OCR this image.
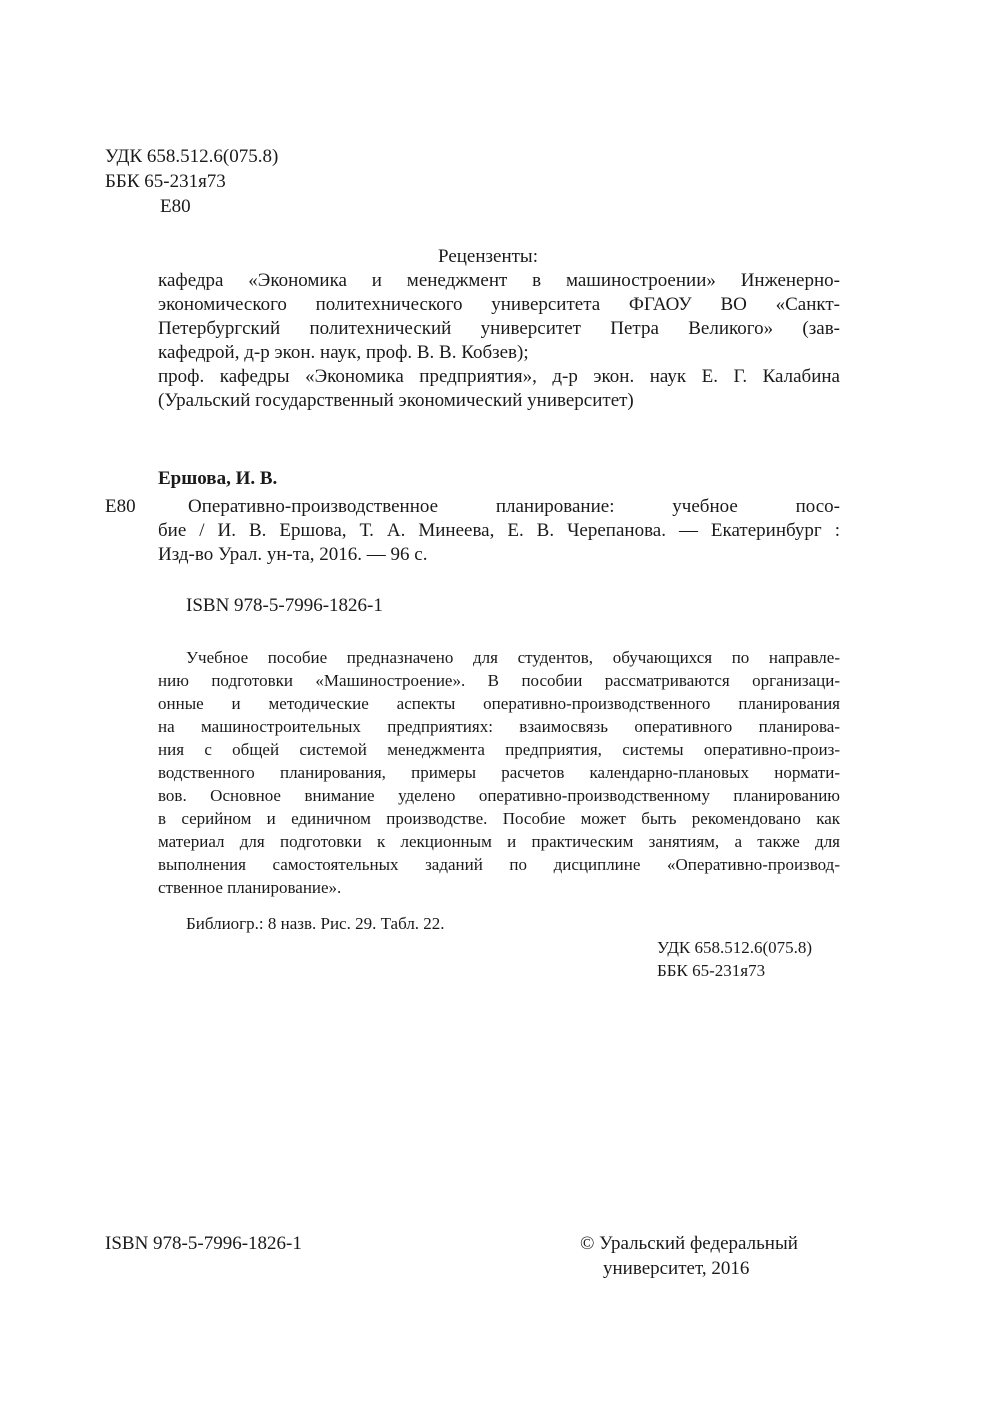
УДК 658.512.6(075.8)
ББК 65-231я73
Е80
Рецензенты:
кафедра «Экономика и менеджмент в машиностроении» Инженерно-
экономического политехнического университета ФГАОУ ВО «Санкт-
Петербургский политехнический университет Петра Великого» (зав-
кафедрой, д-р экон. наук, проф. В. В. Кобзев);
проф. кафедры «Экономика предприятия», д-р экон. наук Е. Г. Калабина
(Уральский государственный экономический университет)
Ершова, И. В.
Е80	Оперативно-производственное планирование: учебное посо-
бие / И. В. Ершова, Т. А. Минеева, Е. В. Черепанова. — Екатеринбург :
Изд-во Урал. ун-та, 2016. — 96 с.
ISBN 978-5-7996-1826-1
Учебное пособие предназначено для студентов, обучающихся по направле-
нию подготовки «Машиностроение». В пособии рассматриваются организаци-
онные и методические аспекты оперативно-производственного планирования
на машиностроительных предприятиях: взаимосвязь оперативного планирова-
ния с общей системой менеджмента предприятия, системы оперативно-произ-
водственного планирования, примеры расчетов календарно-плановых нормати-
вов. Основное внимание уделено оперативно-производственному планированию
в серийном и единичном производстве. Пособие может быть рекомендовано как
материал для подготовки к лекционным и практическим занятиям, а также для
выполнения самостоятельных заданий по дисциплине «Оперативно-производ-
ственное планирование».
Библиогр.: 8 назв. Рис. 29. Табл. 22.
УДК 658.512.6(075.8)
ББК 65-231я73
ISBN 978-5-7996-1826-1	© Уральский федеральный
университет, 2016
